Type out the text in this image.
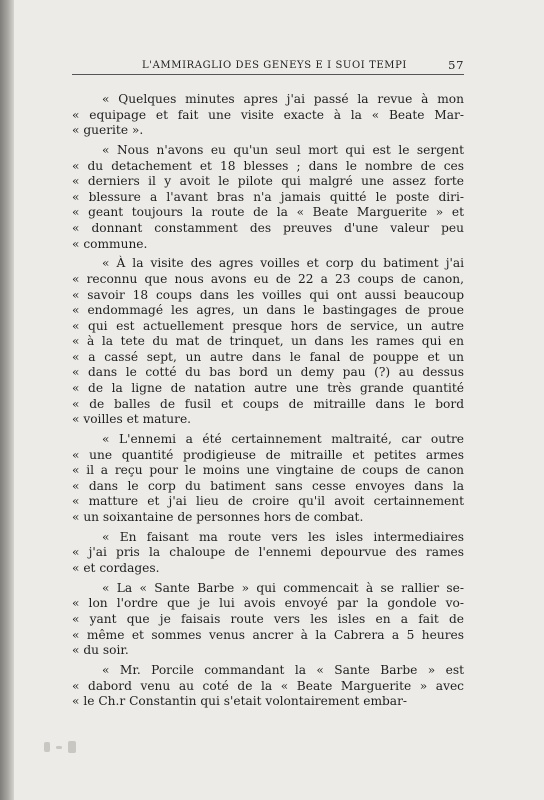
L'AMMIRAGLIO DES GENEYS E I SUOI TEMPI	57

« Quelques minutes apres j'ai passé la revue à mon
« equipage et fait une visite exacte à la « Beate Mar-
« guerite ».

« Nous n'avons eu qu'un seul mort qui est le sergent
« du detachement et 18 blesses ; dans le nombre de ces
« derniers il y avoit le pilote qui malgré une assez forte
« blessure a l'avant bras n'a jamais quitté le poste diri-
« geant toujours la route de la « Beate Marguerite » et
« donnant constamment des preuves d'une valeur peu
« commune.

« À la visite des agres voilles et corp du batiment j'ai
« reconnu que nous avons eu de 22 a 23 coups de canon,
« savoir 18 coups dans les voilles qui ont aussi beaucoup
« endommagé les agres, un dans le bastingages de proue
« qui est actuellement presque hors de service, un autre
« à la tete du mat de trinquet, un dans les rames qui en
« a cassé sept, un autre dans le fanal de pouppe et un
« dans le cotté du bas bord un demy pau (?) au dessus
« de la ligne de natation autre une très grande quantité
« de balles de fusil et coups de mitraille dans le bord
« voilles et mature.

« L'ennemi a été certainnement maltraité, car outre
« une quantité prodigieuse de mitraille et petites armes
« il a reçu pour le moins une vingtaine de coups de canon
« dans le corp du batiment sans cesse envoyes dans la
« matture et j'ai lieu de croire qu'il avoit certainnement
« un soixantaine de personnes hors de combat.

« En faisant ma route vers les isles intermediaires
« j'ai pris la chaloupe de l'ennemi depourvue des rames
« et cordages.

« La « Sante Barbe » qui commencait à se rallier se-
« lon l'ordre que je lui avois envoyé par la gondole vo-
« yant que je faisais route vers les isles en a fait de
« même et sommes venus ancrer à la Cabrera a 5 heures
« du soir.

« Mr. Porcile commandant la « Sante Barbe » est
« dabord venu au coté de la « Beate Marguerite » avec
« le Ch.r Constantin qui s'etait volontairement embar-
